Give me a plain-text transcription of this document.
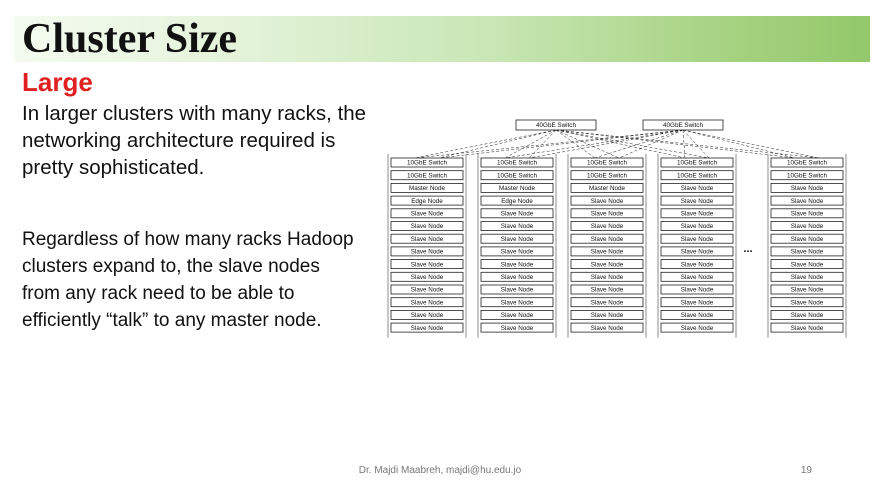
Cluster Size
Large

In larger clusters with many racks, the networking architecture required is pretty sophisticated.

Regardless of how many racks Hadoop clusters expand to, the slave nodes from any rack need to be able to efficiently “talk” to any master node.

40GbE Switch	40GbE Switch
10GbE Switch
10GbE Switch
Master Node
Edge Node
Slave Node
Slave Node
Slave Node
Slave Node
Slave Node
Slave Node
Slave Node
Slave Node
Slave Node
Slave Node
10GbE Switch
10GbE Switch
Master Node
Edge Node
Slave Node
Slave Node
Slave Node
Slave Node
Slave Node
Slave Node
Slave Node
Slave Node
Slave Node
Slave Node
10GbE Switch
10GbE Switch
Master Node
Slave Node
Slave Node
Slave Node
Slave Node
Slave Node
Slave Node
Slave Node
Slave Node
Slave Node
Slave Node
Slave Node
10GbE Switch
10GbE Switch
Slave Node
Slave Node
Slave Node
Slave Node
Slave Node
Slave Node
Slave Node
Slave Node
Slave Node
Slave Node
Slave Node
Slave Node
10GbE Switch
10GbE Switch
Slave Node
Slave Node
Slave Node
Slave Node
Slave Node
Slave Node
Slave Node
Slave Node
Slave Node
Slave Node
Slave Node
Slave Node
...
Dr. Majdi Maabreh, majdi@hu.edu.jo	19
